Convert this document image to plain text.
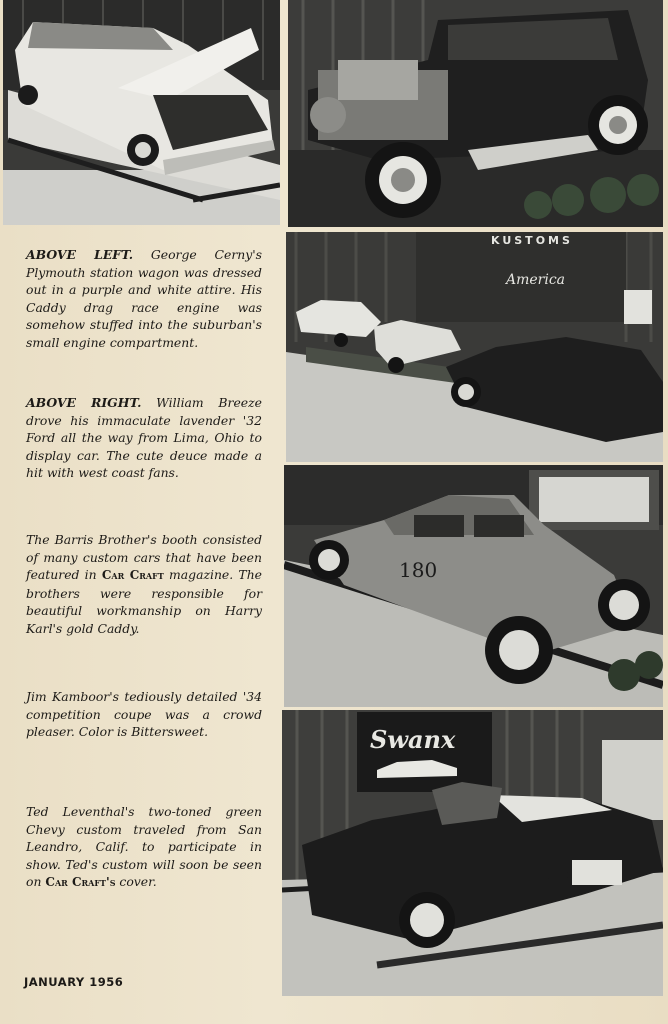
KUSTOMS
America
180
Swanx

ABOVE LEFT. George Cerny's Plymouth station wagon was dressed out in a purple and white attire. His Caddy drag race engine was somehow stuffed into the suburban's small engine compartment.

ABOVE RIGHT. William Breeze drove his immaculate lavender '32 Ford all the way from Lima, Ohio to display car. The cute deuce made a hit with west coast fans.

The Barris Brother's booth consisted of many custom cars that have been featured in Car Craft magazine. The brothers were responsible for beautiful workmanship on Harry Karl's gold Caddy.

Jim Kamboor's tediously detailed '34 competition coupe was a crowd pleaser. Color is Bittersweet.

Ted Leventhal's two-toned green Chevy custom traveled from San Leandro, Calif. to participate in show. Ted's custom will soon be seen on Car Craft's cover.

JANUARY 1956
